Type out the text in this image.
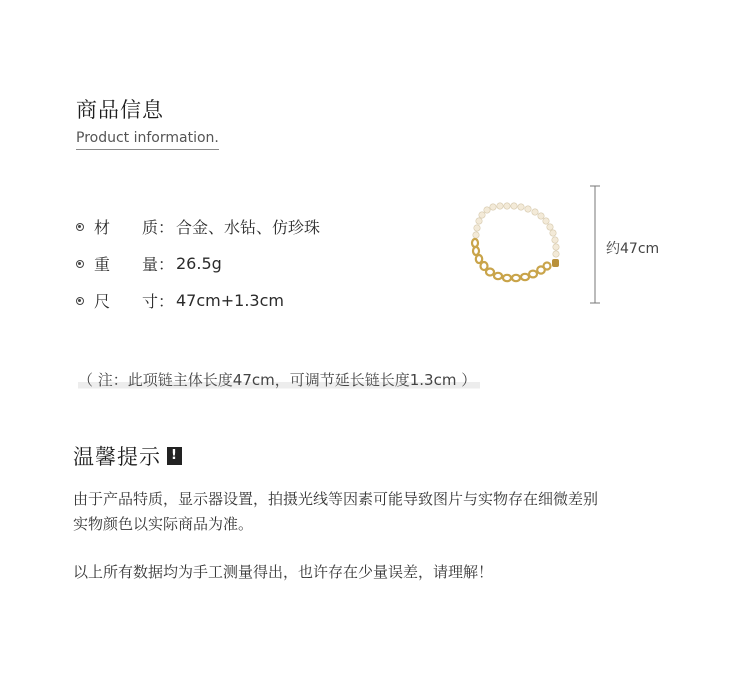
商品信息
Product information.
材　　质： 合金、水钻、仿珍珠
重　　量： 26.5g
尺　　寸： 47cm+1.3cm
约47cm
（ 注：此项链主体长度47cm，可调节延长链长度1.3cm ）
温馨提示 !
由于产品特质，显示器设置，拍摄光线等因素可能导致图片与实物存在细微差别
实物颜色以实际商品为准。
以上所有数据均为手工测量得出，也许存在少量误差，请理解！
